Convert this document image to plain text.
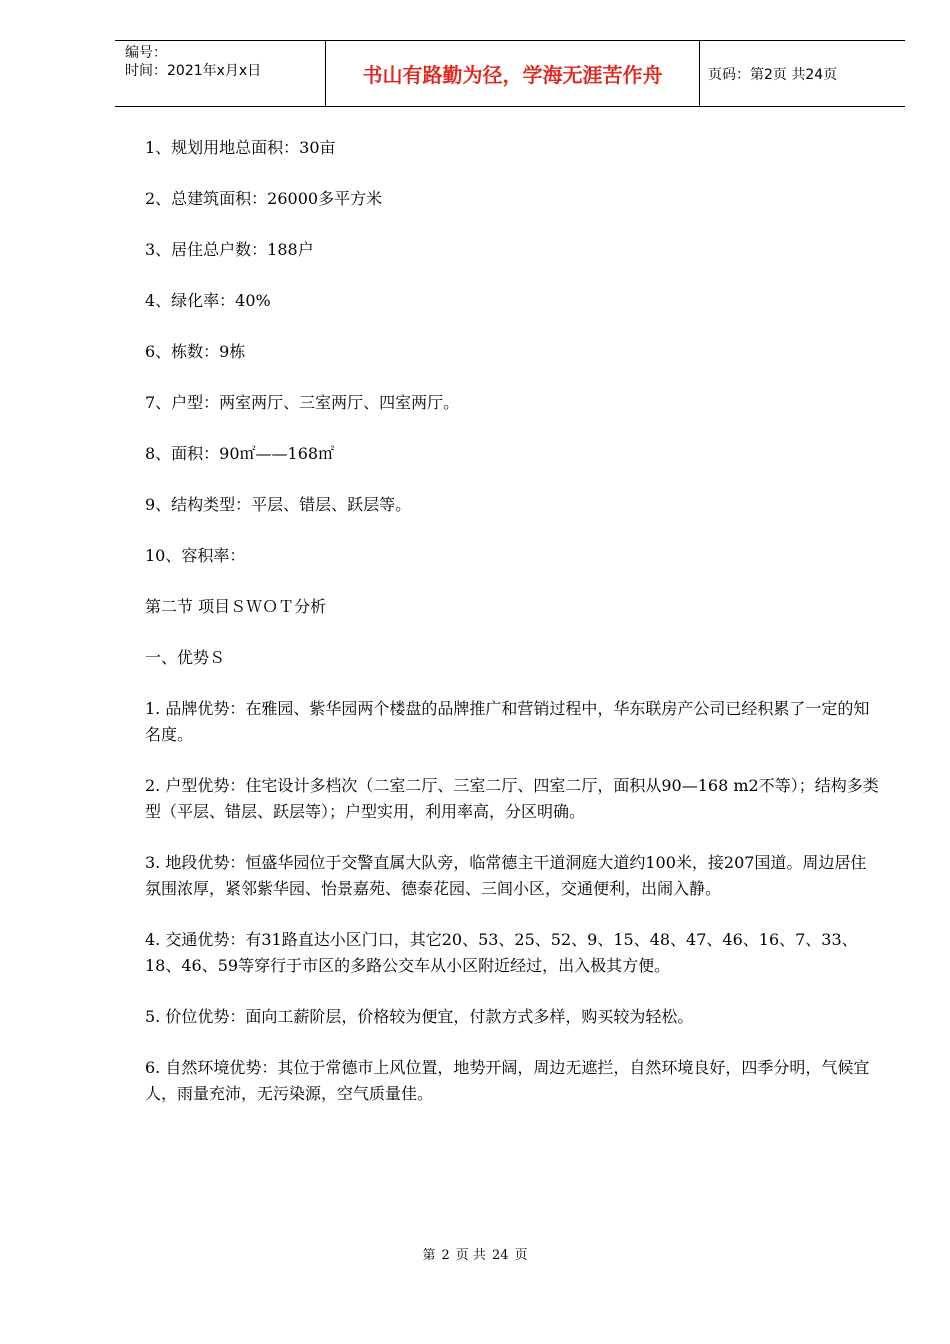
编号：
时间：2021年x月x日	书山有路勤为径，学海无涯苦作舟	页码：第2页 共24页

1、规划用地总面积：30亩

2、总建筑面积：26000多平方米

3、居住总户数：188户

4、绿化率：40%

6、栋数：9栋

7、户型：两室两厅、三室两厅、四室两厅。

8、面积：90㎡——168㎡

9、结构类型：平层、错层、跃层等。

10、容积率：

第二节 项目ＳＷＯＴ分析

一、优势Ｓ

1. 品牌优势：在雅园、紫华园两个楼盘的品牌推广和营销过程中，华东联房产公司已经积累了一定的知名度。

2. 户型优势：住宅设计多档次（二室二厅、三室二厅、四室二厅，面积从90—168 m2不等）；结构多类型（平层、错层、跃层等）；户型实用，利用率高，分区明确。

3. 地段优势：恒盛华园位于交警直属大队旁，临常德主干道洞庭大道约100米，接207国道。周边居住氛围浓厚，紧邻紫华园、怡景嘉苑、德泰花园、三闾小区，交通便利，出闹入静。

4. 交通优势：有31路直达小区门口，其它20、53、25、52、9、15、48、47、46、16、7、33、18、46、59等穿行于市区的多路公交车从小区附近经过，出入极其方便。

5. 价位优势：面向工薪阶层，价格较为便宜，付款方式多样，购买较为轻松。

6. 自然环境优势：其位于常德市上风位置，地势开阔，周边无遮拦，自然环境良好，四季分明，气候宜人，雨量充沛，无污染源，空气质量佳。

第 2 页 共 24 页
